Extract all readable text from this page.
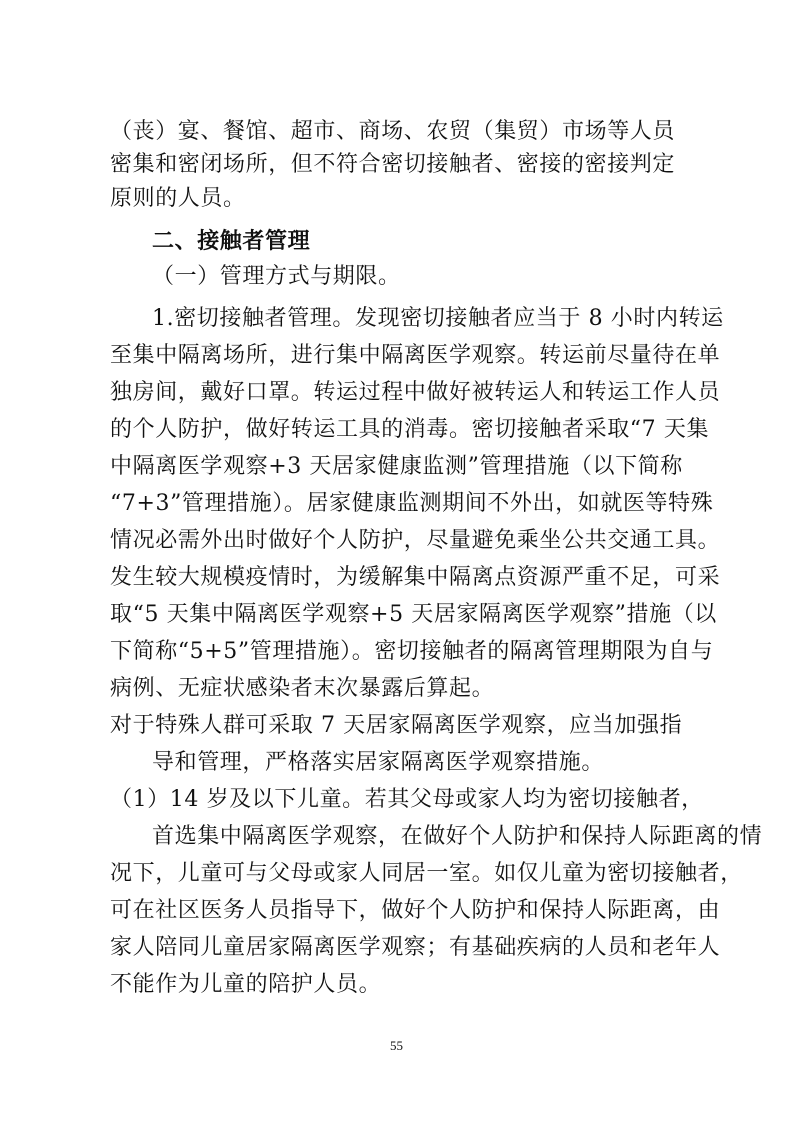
（丧）宴、餐馆、超市、商场、农贸（集贸）市场等人员
密集和密闭场所，但不符合密切接触者、密接的密接判定
原则的人员。
二、接触者管理
（一）管理方式与期限。
1.密切接触者管理。发现密切接触者应当于 8 小时内转运
至集中隔离场所，进行集中隔离医学观察。转运前尽量待在单
独房间，戴好口罩。转运过程中做好被转运人和转运工作人员
的个人防护，做好转运工具的消毒。密切接触者采取“7 天集
中隔离医学观察+3 天居家健康监测”管理措施（以下简称
“7+3”管理措施）。居家健康监测期间不外出，如就医等特殊
情况必需外出时做好个人防护，尽量避免乘坐公共交通工具。
发生较大规模疫情时，为缓解集中隔离点资源严重不足，可采
取“5 天集中隔离医学观察+5 天居家隔离医学观察”措施（以
下简称“5+5”管理措施）。密切接触者的隔离管理期限为自与
病例、无症状感染者末次暴露后算起。
对于特殊人群可采取 7 天居家隔离医学观察，应当加强指
导和管理，严格落实居家隔离医学观察措施。
（1）14 岁及以下儿童。若其父母或家人均为密切接触者，
首选集中隔离医学观察，在做好个人防护和保持人际距离的情
况下，儿童可与父母或家人同居一室。如仅儿童为密切接触者，
可在社区医务人员指导下，做好个人防护和保持人际距离，由
家人陪同儿童居家隔离医学观察；有基础疾病的人员和老年人
不能作为儿童的陪护人员。
55
